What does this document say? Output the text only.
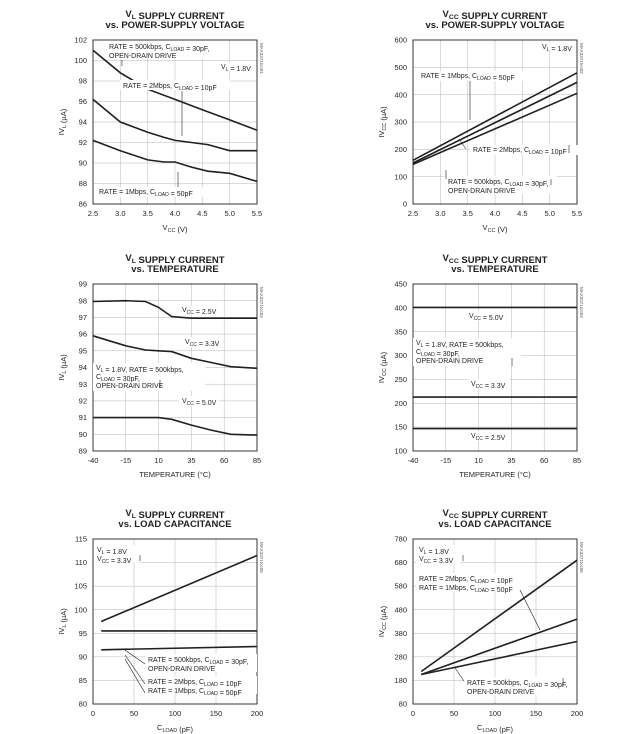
$V_L$ SUPPLY CURRENT
vs. POWER-SUPPLY VOLTAGE
2.5 3.0 3.5 4.0 4.5 5.0 5.5
86
88
90
92
94
96
98
100
102
$V_{CC}$ (V)
$IV_L$ (µA)
MAX3371toc01
RATE = 500kbps, $C_{LOAD} = 30pF$,
OPEN-DRAIN DRIVE
$V_L = 1.8V$
RATE = 2Mbps, $C_{LOAD} = 10pF$
RATE = 1Mbps, $C_{LOAD} = 50pF$
$V_{CC}$ SUPPLY CURRENT
vs. POWER-SUPPLY VOLTAGE
2.5 3.0 3.5 4.0 4.5 5.0 5.5
0
100
200
300
400
500
600
$V_{CC}$ (V)
$IV_{CC}$ (µA)
MAX3371toc02
$V_L = 1.8V$
RATE = 1Mbps, $C_{LOAD} = 50pF$
RATE = 2Mbps, $C_{LOAD} = 10pF$
RATE = 500kbps, $C_{LOAD} = 30pF$,
OPEN-DRAIN DRIVE
$V_L$ SUPPLY CURRENT
vs. TEMPERATURE
-40	-15	10	35	60	85
89
90
91
92
93
94
95
96
97
98
99
TEMPERATURE (°C)
$IV_L$ (µA)
MAX3371toc03
$V_{CC} = 2.5V$
$V_{CC} = 3.3V$
$V_L = 1.8V$, RATE = 500kbps,
$C_{LOAD} = 30pF$,
OPEN-DRAIN DRIVE
$V_{CC} = 5.0V$
$V_{CC}$ SUPPLY CURRENT
vs. TEMPERATURE
-40	-15	10	35	60	85
100
150
200
250
300
350
400
450
TEMPERATURE (°C)
$IV_{CC}$ (µA)
MAX3371toc04
$V_{CC} = 5.0V$
$V_L = 1.8V$, RATE = 500kbps,
$C_{LOAD} = 30pF$,
OPEN-DRAIN DRIVE
$V_{CC} = 3.3V$
$V_{CC} = 2.5V$
$V_L$ SUPPLY CURRENT
vs. LOAD CAPACITANCE
0	50	100	150	200
80
85
90
95
100
105
110
115
$C_{LOAD}$ (pF)
$IV_L$ (µA)
MAX3371toc05
$V_L = 1.8V$
$V_{CC} = 3.3V$
RATE = 500kbps, $C_{LOAD} = 30pF$,
OPEN-DRAIN DRIVE
RATE = 2Mbps, $C_{LOAD} = 10pF$
RATE = 1Mbps, $C_{LOAD} = 50pF$
$V_{CC}$ SUPPLY CURRENT
vs. LOAD CAPACITANCE
0	50	100	150	200
80
180
280
380
480
580
680
780
$C_{LOAD}$ (pF)
$IV_{CC}$ (µA)
MAX3371toc06
$V_L = 1.8V$
$V_{CC} = 3.3V$
RATE = 2Mbps, $C_{LOAD} = 10pF$
RATE = 1Mbps, $C_{LOAD} = 50pF$
RATE = 500kbps, $C_{LOAD} = 30pF$,
OPEN-DRAIN DRIVE
